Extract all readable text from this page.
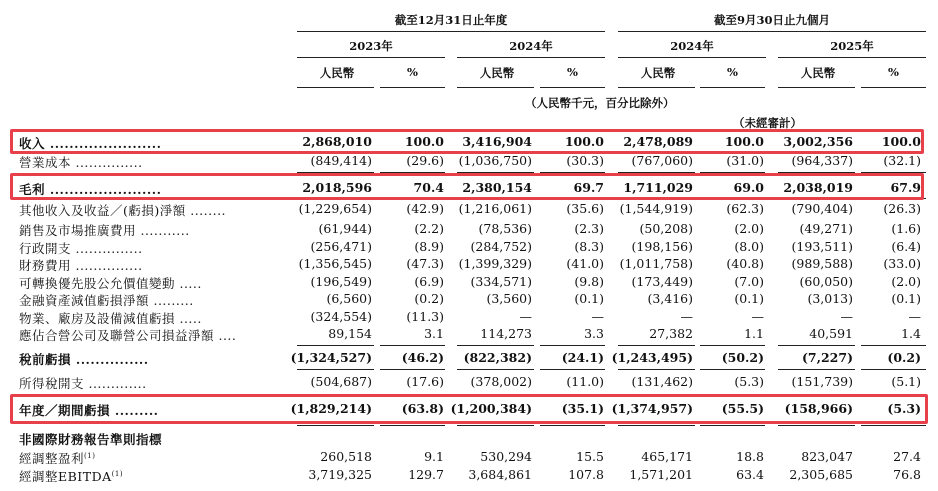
截至12月31日止年度	截至9月30日止九個月
2023年	2024年	2024年	2025年
人民幣	%	人民幣	%	人民幣	%	人民幣	%
（人民幣千元，百分比除外）
（未經審計）
收入 .......................	2,868,010	100.0	3,416,904	100.0	2,478,089	100.0	3,002,356	100.0
營業成本 ...............	(849,414)	(29.6)	(1,036,750)	(30.3)	(767,060)	(31.0)	(964,337)	(32.1)
毛利 .......................	2,018,596	70.4	2,380,154	69.7	1,711,029	69.0	2,038,019	67.9
其他收入及收益／(虧損)淨額 ........	(1,229,654)	(42.9)	(1,216,061)	(35.6)	(1,544,919)	(62.3)	(790,404)	(26.3)
銷售及市場推廣費用 ...........	(61,944)	(2.2)	(78,536)	(2.3)	(50,208)	(2.0)	(49,271)	(1.6)
行政開支 ...............	(256,471)	(8.9)	(284,752)	(8.3)	(198,156)	(8.0)	(193,511)	(6.4)
財務費用 ...............	(1,356,545)	(47.3)	(1,399,329)	(41.0)	(1,011,758)	(40.8)	(989,588)	(33.0)
可轉換優先股公允價值變動 .....	(196,549)	(6.9)	(334,571)	(9.8)	(173,449)	(7.0)	(60,050)	(2.0)
金融資產減值虧損淨額 .........	(6,560)	(0.2)	(3,560)	(0.1)	(3,416)	(0.1)	(3,013)	(0.1)
物業、廠房及設備減值虧損 .....	(324,554)	(11.3)	—	—	—	—	—	—
應佔合營公司及聯營公司損益淨額 ....	89,154	3.1	114,273	3.3	27,382	1.1	40,591	1.4
稅前虧損 ...............	(1,324,527)	(46.2)	(822,382)	(24.1) (1,243,495)	(50.2)	(7,227)	(0.2)
所得稅開支 .............	(504,687)	(17.6)	(378,002)	(11.0)	(131,462)	(5.3)	(151,739)	(5.1)
年度／期間虧損 .........	(1,829,214)	(63.8) (1,200,384)	(35.1) (1,374,957)	(55.5)	(158,966)	(5.3)
非國際財務報告準則指標
經調整盈利$^{(1)}$	260,518	9.1	530,294	15.5	465,171	18.8	823,047	27.4
經調整EBITDA$^{(1)}$	3,719,325	129.7	3,684,861	107.8	1,571,201	63.4	2,305,685	76.8
